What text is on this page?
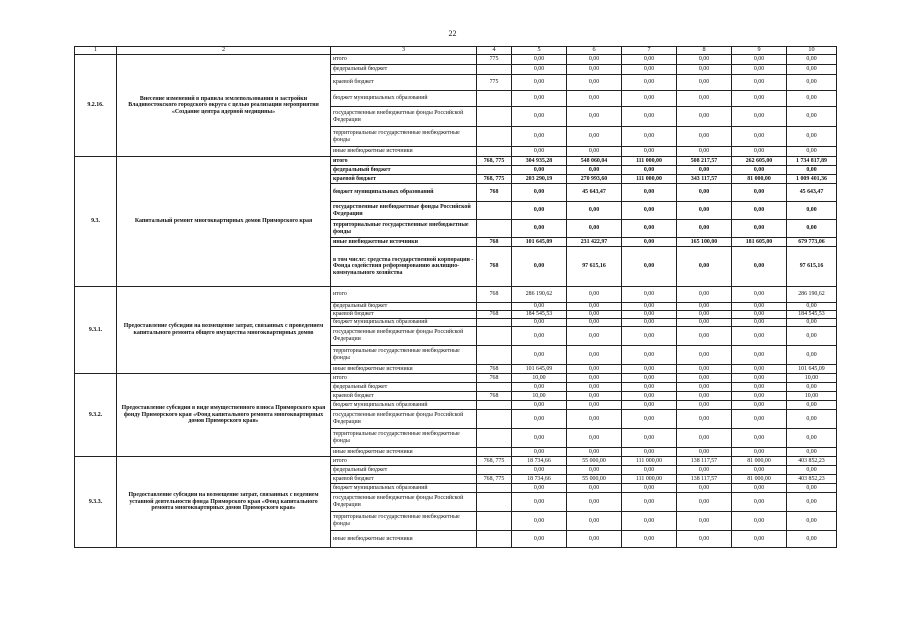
22
1	2	3	4	5	6	7	8	9	10
9.2.16.	Внесение изменений в правила землепользования и застройки Владивостокского городского округа с целью реализации мероприятия «Создание центра ядерной медицины»	итого	775	0,00	0,00	0,00	0,00	0,00	0,00
		федеральный бюджет		0,00	0,00	0,00	0,00	0,00	0,00
		краевой бюджет	775	0,00	0,00	0,00	0,00	0,00	0,00
		бюджет муниципальных образований		0,00	0,00	0,00	0,00	0,00	0,00
		государственные внебюджетные фонды Российской Федерации		0,00	0,00	0,00	0,00	0,00	0,00
		территориальные государственные внебюджетные фонды		0,00	0,00	0,00	0,00	0,00	0,00
		иные внебюджетные источники		0,00	0,00	0,00	0,00	0,00	0,00
9.3.	Капитальный ремонт многоквартирных домов Приморского края	итого	768, 775	304 935,28	548 060,04	111 000,00	508 217,57	262 605,00	1 734 817,89
		федеральный бюджет		0,00	0,00	0,00	0,00	0,00	0,00
		краевой бюджет	768, 775	203 290,19	270 993,60	111 000,00	343 117,57	81 000,00	1 009 401,36
		бюджет муниципальных образований	768	0,00	45 643,47	0,00	0,00	0,00	45 643,47
		государственные внебюджетные фонды Российской Федерации		0,00	0,00	0,00	0,00	0,00	0,00
		территориальные государственные внебюджетные фонды		0,00	0,00	0,00	0,00	0,00	0,00
		иные внебюджетные источники	768	101 645,09	231 422,97	0,00	165 100,00	181 605,00	679 773,06
		в том числе: средства государственной корпорации - Фонда содействия реформированию жилищно-коммунального хозяйства	768	0,00	97 615,16	0,00	0,00	0,00	97 615,16
9.3.1.	Предоставление субсидии на возмещение затрат, связанных с проведением капитального ремонта общего имущества многоквартирных домов	итого	768	286 190,62	0,00	0,00	0,00	0,00	286 190,62
		федеральный бюджет		0,00	0,00	0,00	0,00	0,00	0,00
		краевой бюджет	768	184 545,53	0,00	0,00	0,00	0,00	184 545,53
		бюджет муниципальных образований		0,00	0,00	0,00	0,00	0,00	0,00
		государственные внебюджетные фонды Российской Федерации		0,00	0,00	0,00	0,00	0,00	0,00
		территориальные государственные внебюджетные фонды		0,00	0,00	0,00	0,00	0,00	0,00
		иные внебюджетные источники	768	101 645,09	0,00	0,00	0,00	0,00	101 645,09
9.3.2.	Предоставление субсидии в виде имущественного взноса Приморского края фонду Приморского края «Фонд капитального ремонта многоквартирных домов Приморского края»	итого	768	10,00	0,00	0,00	0,00	0,00	10,00
		федеральный бюджет		0,00	0,00	0,00	0,00	0,00	0,00
		краевой бюджет	768	10,00	0,00	0,00	0,00	0,00	10,00
		бюджет муниципальных образований		0,00	0,00	0,00	0,00	0,00	0,00
		государственные внебюджетные фонды Российской Федерации		0,00	0,00	0,00	0,00	0,00	0,00
		территориальные государственные внебюджетные фонды		0,00	0,00	0,00	0,00	0,00	0,00
		иные внебюджетные источники		0,00	0,00	0,00	0,00	0,00	0,00
9.3.3.	Предоставление субсидии на возмещение затрат, связанных с ведением уставной деятельности фонда Приморского края «Фонд капитального ремонта многоквартирных домов Приморского края»	итого	768, 775	18 734,66	55 000,00	111 000,00	138 117,57	81 000,00	403 852,23
		федеральный бюджет		0,00	0,00	0,00	0,00	0,00	0,00
		краевой бюджет	768, 775	18 734,66	55 000,00	111 000,00	138 117,57	81 000,00	403 852,23
		бюджет муниципальных образований		0,00	0,00	0,00	0,00	0,00	0,00
		государственные внебюджетные фонды Российской Федерации		0,00	0,00	0,00	0,00	0,00	0,00
		территориальные государственные внебюджетные фонды		0,00	0,00	0,00	0,00	0,00	0,00
		иные внебюджетные источники		0,00	0,00	0,00	0,00	0,00	0,00
